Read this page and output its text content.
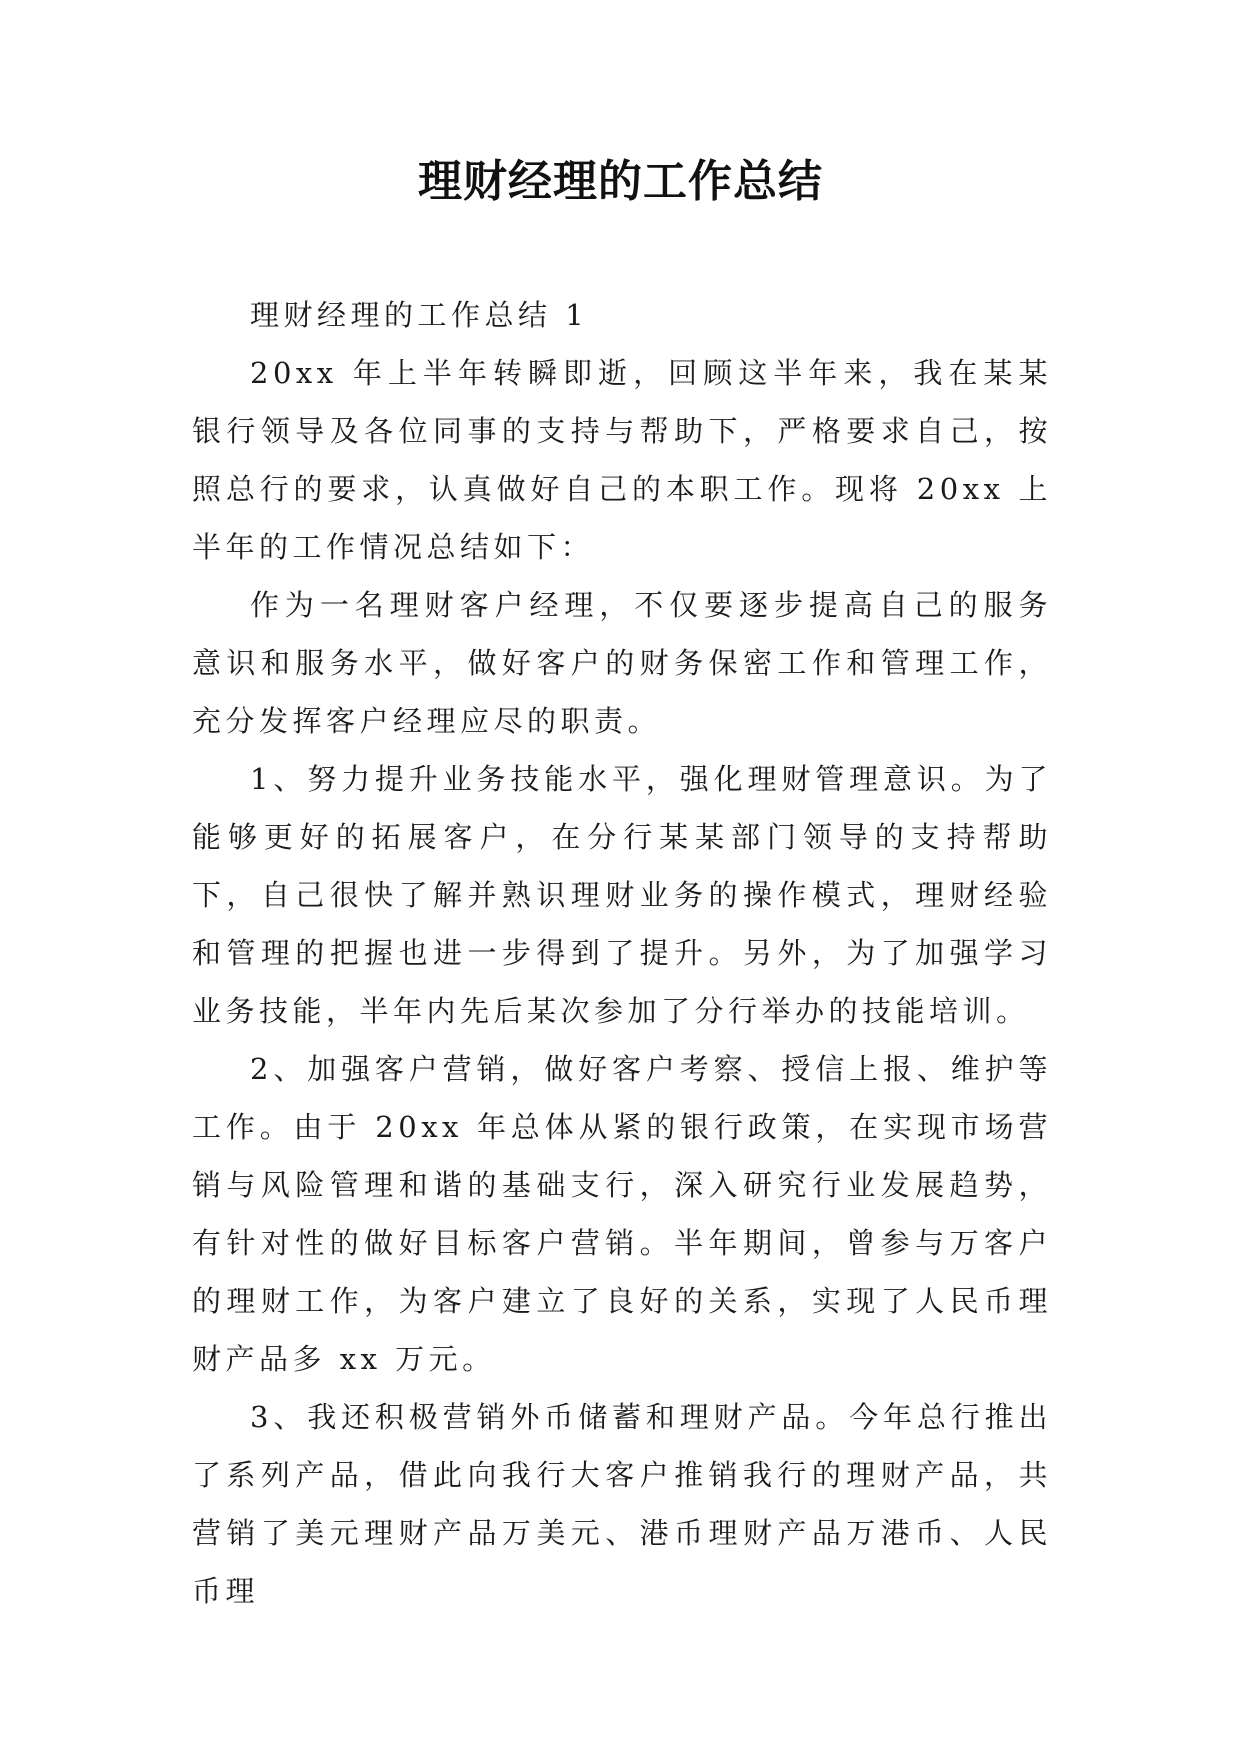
理财经理的工作总结

理财经理的工作总结 1

20xx 年上半年转瞬即逝，回顾这半年来，我在某某银行领导及各位同事的支持与帮助下，严格要求自己，按照总行的要求，认真做好自己的本职工作。现将 20xx 上半年的工作情况总结如下：

作为一名理财客户经理，不仅要逐步提高自己的服务意识和服务水平，做好客户的财务保密工作和管理工作，充分发挥客户经理应尽的职责。

1、努力提升业务技能水平，强化理财管理意识。为了能够更好的拓展客户，在分行某某部门领导的支持帮助下，自己很快了解并熟识理财业务的操作模式，理财经验和管理的把握也进一步得到了提升。另外，为了加强学习业务技能，半年内先后某次参加了分行举办的技能培训。

2、加强客户营销，做好客户考察、授信上报、维护等工作。由于 20xx 年总体从紧的银行政策，在实现市场营销与风险管理和谐的基础支行，深入研究行业发展趋势，有针对性的做好目标客户营销。半年期间，曾参与万客户的理财工作，为客户建立了良好的关系，实现了人民币理财产品多 xx 万元。

3、我还积极营销外币储蓄和理财产品。今年总行推出了系列产品，借此向我行大客户推销我行的理财产品，共营销了美元理财产品万美元、港币理财产品万港币、人民币理
